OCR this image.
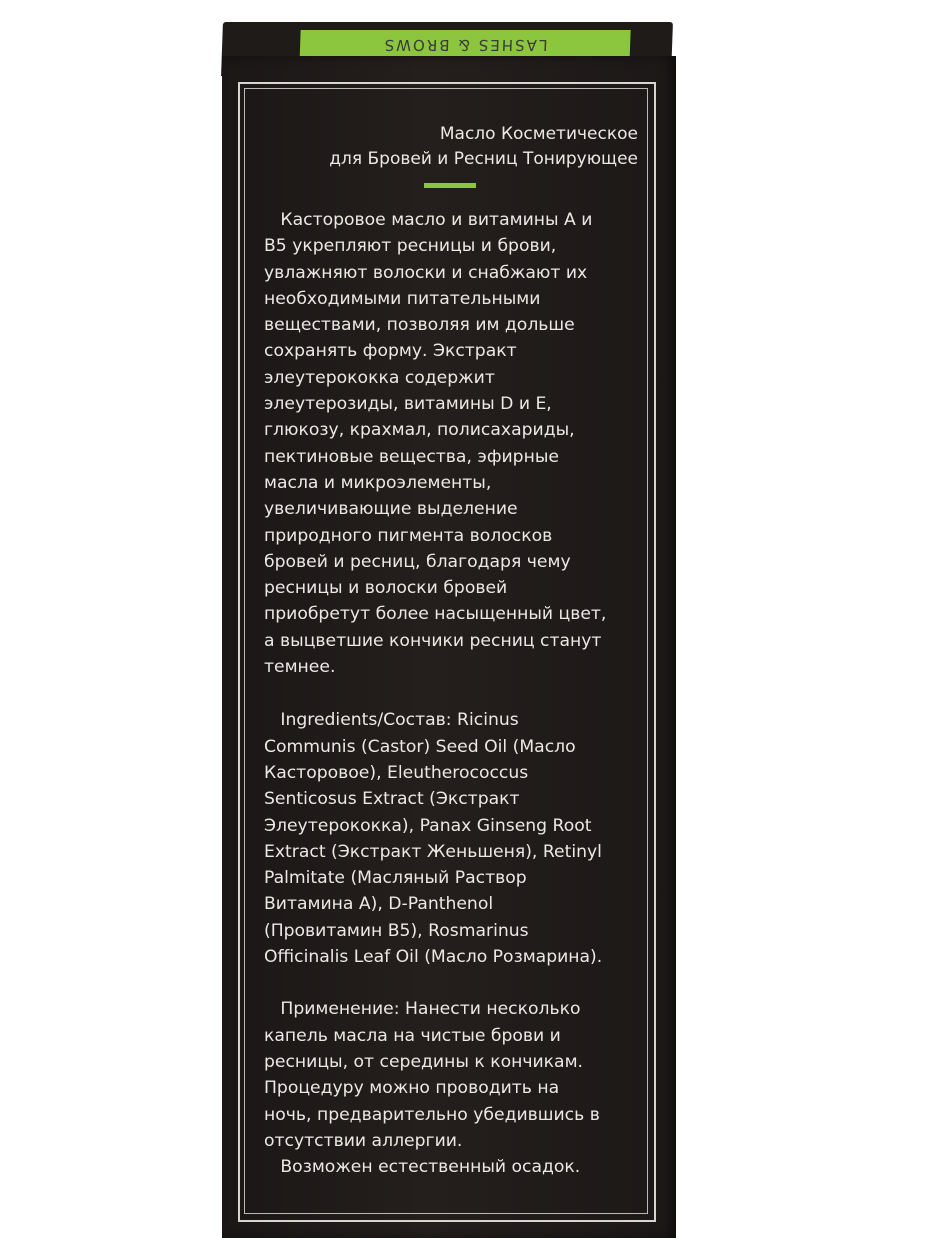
LASHES & BROWS
Масло Косметическое
для Бровей и Ресниц Тонирующее
Касторовое масло и витамины А и
В5 укрепляют ресницы и брови,
увлажняют волоски и снабжают их
необходимыми питательными
веществами, позволяя им дольше
сохранять форму. Экстракт
элеутерококка содержит
элеутерозиды, витамины D и Е,
глюкозу, крахмал, полисахариды,
пектиновые вещества, эфирные
масла и микроэлементы,
увеличивающие выделение
природного пигмента волосков
бровей и ресниц, благодаря чему
ресницы и волоски бровей
приобретут более насыщенный цвет,
а выцветшие кончики ресниц станут
темнее.
Ingredients/Состав: Ricinus
Communis (Castor) Seed Oil (Масло
Касторовое), Eleutherococcus
Senticosus Extract (Экстракт
Элеутерококка), Panax Ginseng Root
Extract (Экстракт Женьшеня), Retinyl
Palmitate (Масляный Раствор
Витамина А), D-Panthenol
(Провитамин В5), Rosmarinus
Officinalis Leaf Oil (Масло Розмарина).
Применение: Нанести несколько
капель масла на чистые брови и
ресницы, от середины к кончикам.
Процедуру можно проводить на
ночь, предварительно убедившись в
отсутствии аллергии.
Возможен естественный осадок.
